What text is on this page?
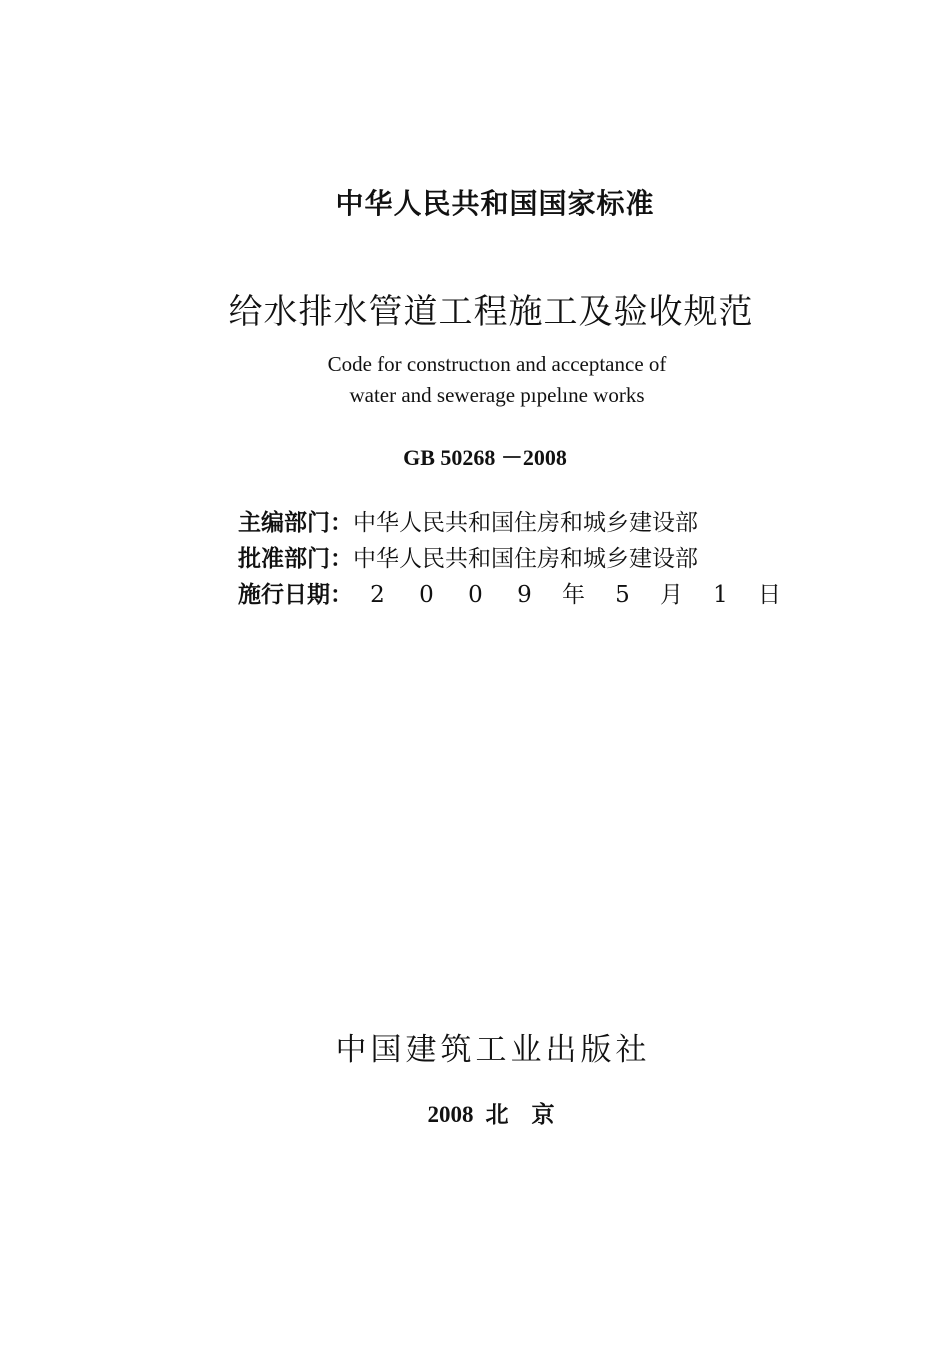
中华人民共和国国家标准
给水排水管道工程施工及验收规范
Code for constructıon and acceptance of
water and sewerage pıpelıne works
GB 50268 －2008
主编部门：中华人民共和国住房和城乡建设部
批准部门：中华人民共和国住房和城乡建设部
施行日期： 2 0 0 9 年 5 月 1 日
中国建筑工业出版社
2008 北　京
